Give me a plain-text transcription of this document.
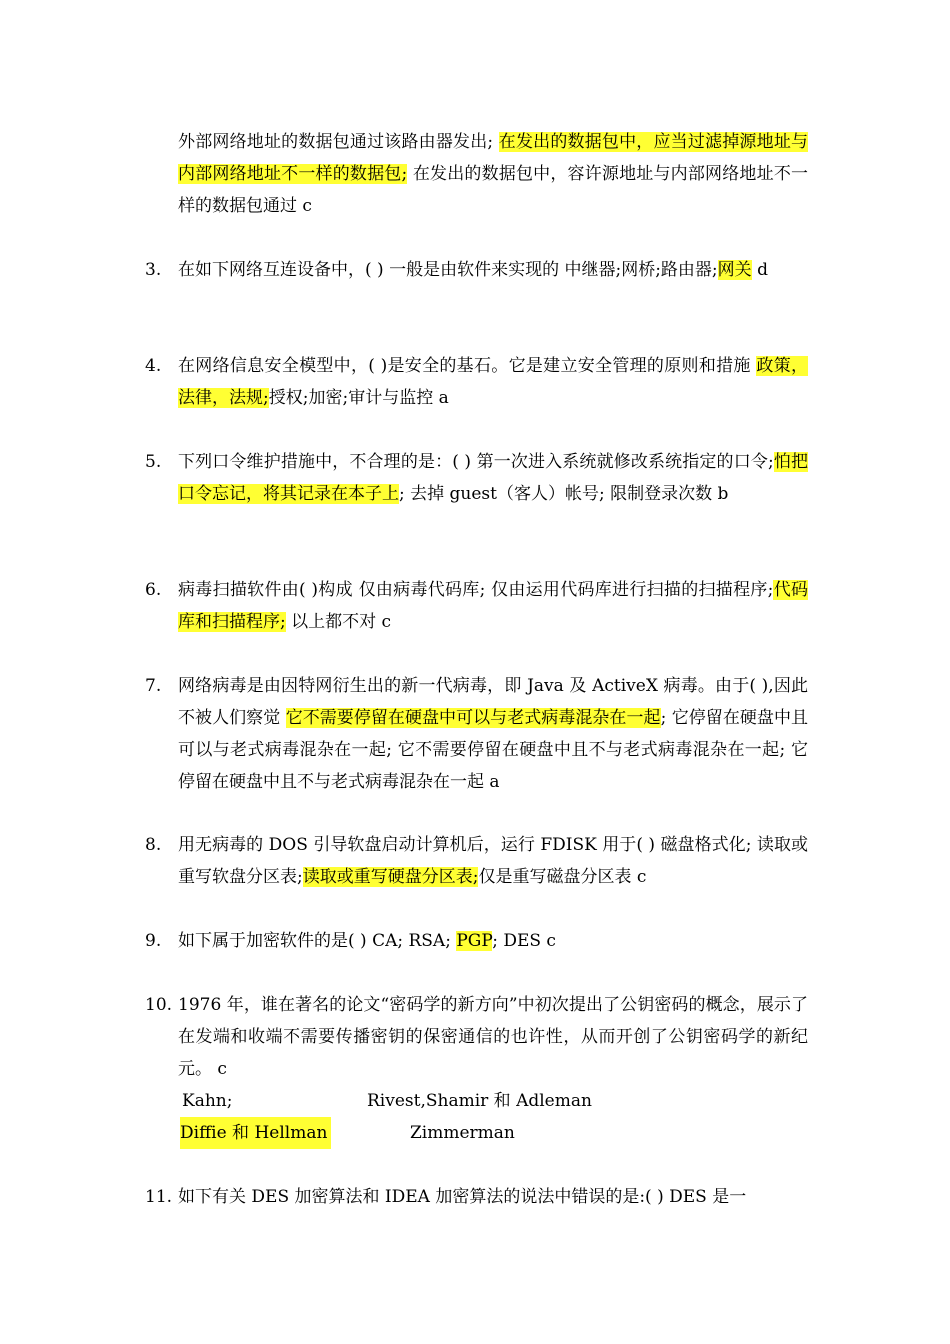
外部网络地址的数据包通过该路由器发出; 在发出的数据包中，应当过滤掉源地址与内部网络地址不一样的数据包; 在发出的数据包中，容许源地址与内部网络地址不一样的数据包通过 c
3. 在如下网络互连设备中，( ) 一般是由软件来实现的 中继器;网桥;路由器;网关 d
4. 在网络信息安全模型中，( )是安全的基石。它是建立安全管理的原则和措施 政策，法律，法规;授权;加密;审计与监控 a
5. 下列口令维护措施中，不合理的是：( ) 第一次进入系统就修改系统指定的口令;怕把口令忘记，将其记录在本子上; 去掉 guest（客人）帐号; 限制登录次数 b
6. 病毒扫描软件由( )构成 仅由病毒代码库; 仅由运用代码库进行扫描的扫描程序;代码库和扫描程序; 以上都不对 c
7. 网络病毒是由因特网衍生出的新一代病毒，即 Java 及 ActiveX 病毒。由于( ),因此不被人们察觉 它不需要停留在硬盘中可以与老式病毒混杂在一起; 它停留在硬盘中且可以与老式病毒混杂在一起; 它不需要停留在硬盘中且不与老式病毒混杂在一起; 它停留在硬盘中且不与老式病毒混杂在一起 a
8. 用无病毒的 DOS 引导软盘启动计算机后，运行 FDISK 用于( ) 磁盘格式化; 读取或重写软盘分区表;读取或重写硬盘分区表;仅是重写磁盘分区表 c
9. 如下属于加密软件的是( ) CA; RSA; PGP; DES c
10. 1976 年，谁在著名的论文“密码学的新方向”中初次提出了公钥密码的概念，展示了在发端和收端不需要传播密钥的保密通信的也许性，从而开创了公钥密码学的新纪元。 c
Kahn;	Rivest,Shamir 和 Adleman
Diffie 和 Hellman	Zimmerman
11. 如下有关 DES 加密算法和 IDEA 加密算法的说法中错误的是:( ) DES 是一
